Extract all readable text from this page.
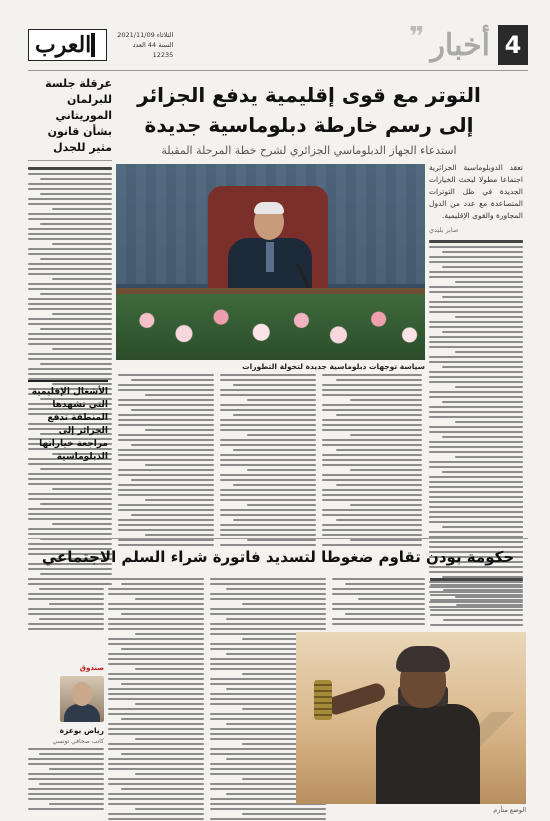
4
أخبار
❞
الثلاثاء 2021/11/09
السنة 44 العدد 12235
العرب
التوتر مع قوى إقليمية يدفع الجزائر
إلى رسم خارطة دبلوماسية جديدة
استدعاء الجهاز الدبلوماسي الجزائري لشرح خطة المرحلة المقبلة
عرقلة جلسة للبرلمان الموريتاني بشأن قانون مثير للجدل
تعقد الدوبلوماسية الجزائرية اجتماعا مطولا لبحث الخيارات الجديدة في ظل التوترات المتصاعدة مع عدد من الدول المجاورة والقوى الإقليمية.
صابر بليدي
سياسة توجهات دبلوماسية جديدة لتحولة التطورات
الأشغال الإقليمية التي تشهدها المنطقة تدفع الجزائر إلى مراجعة خياراتها الدبلوماسية
حكومة بودن تقاوم ضغوطا لتسديد فاتورة شراء السلم الاجتماعي
صندوق
رياض بوعزة
كاتب صحافي تونسي
الوضع متأزم
